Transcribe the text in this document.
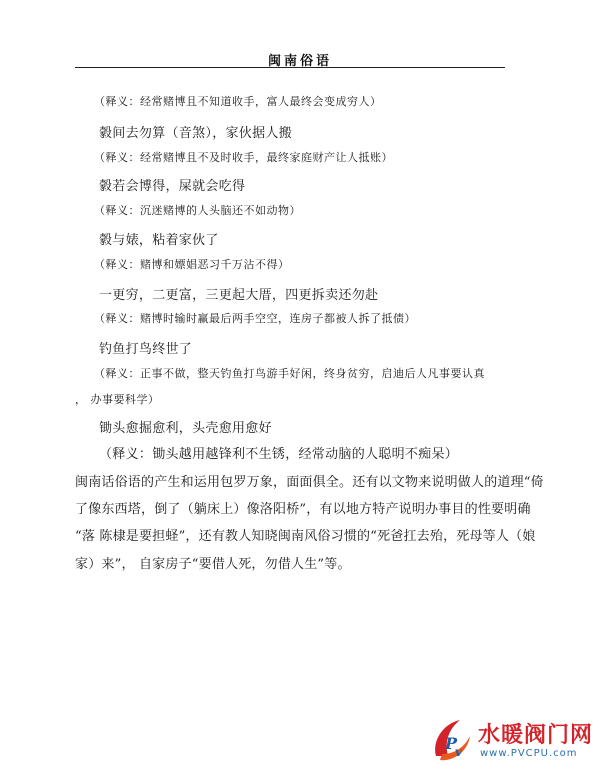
闽南俗语
（释义：经常赌博且不知道收手，富人最终会变成穷人）
豰间去勿算（音煞），家伙据人搬
（释义：经常赌博且不及时收手，最终家庭财产让人抵账）
豰若会博得，屎就会吃得
（释义：沉迷赌博的人头脑还不如动物）
豰与婊，粘着家伙了
（释义：赌博和嫖娼恶习千万沾不得）
一更穷，二更富，三更起大厝，四更拆卖还勿赴
（释义：赌博时输时赢最后两手空空，连房子都被人拆了抵债）
钓鱼打鸟终世了
（释义：正事不做，整天钓鱼打鸟游手好闲，终身贫穷，启迪后人凡事要认真
， 办事要科学）
锄头愈掘愈利，头壳愈用愈好
（释义：锄头越用越锋利不生锈，经常动脑的人聪明不痴呆）
闽南话俗语的产生和运用包罗万象，面面俱全。还有以文物来说明做人的道理“倚
了像东西塔，倒了（躺床上）像洛阳桥”，有以地方特产说明办事目的性要明确
“落 陈棣是要担蛏”，还有教人知晓闽南风俗习惯的“死爸扛去殆，死母等人（娘
家）来”， 自家房子“要借人死，勿借人生”等。
P
v
水暖阀门网
www.PVCPU.com
